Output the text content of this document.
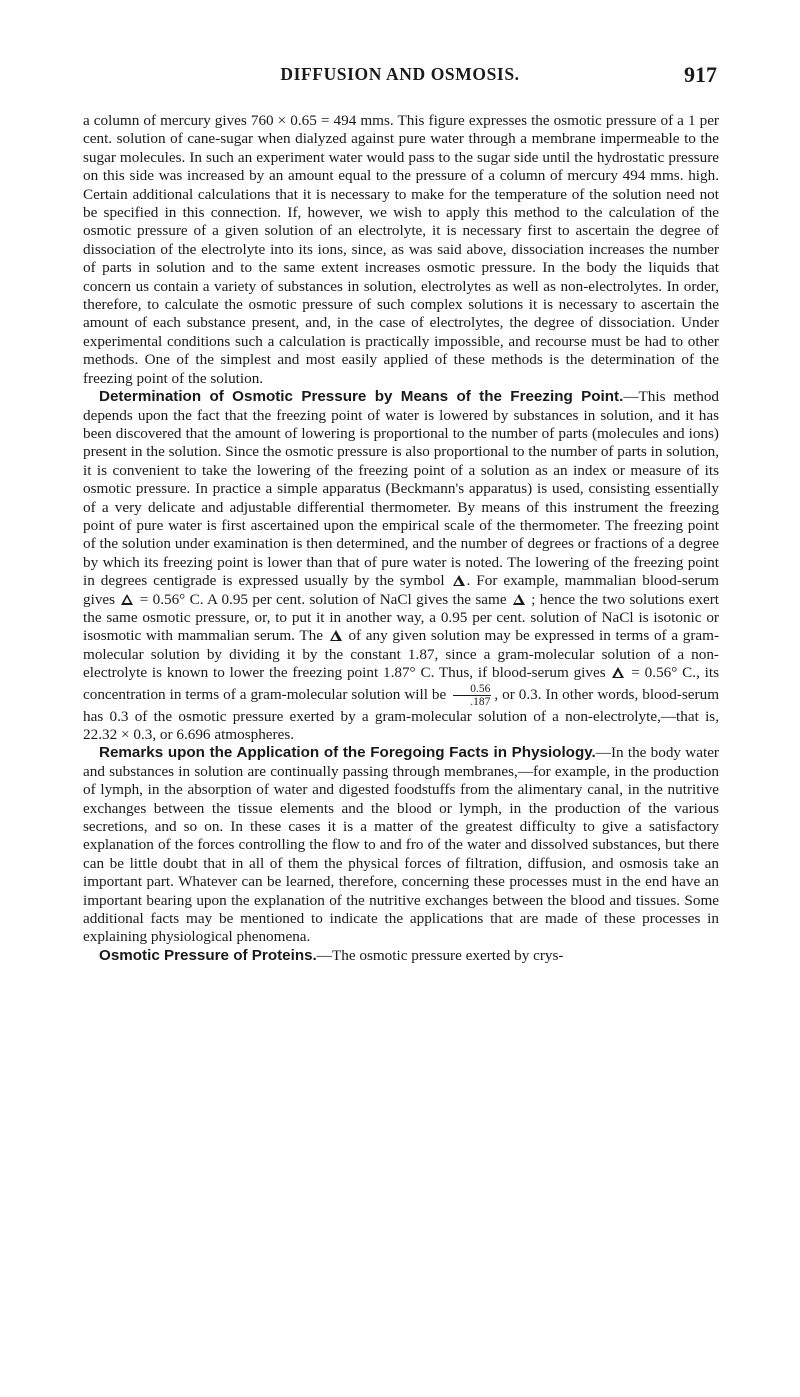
DIFFUSION AND OSMOSIS.	917

a column of mercury gives 760 × 0.65 = 494 mms. This figure expresses the osmotic pressure of a 1 per cent. solution of cane-sugar when dialyzed against pure water through a membrane impermeable to the sugar molecules. In such an experiment water would pass to the sugar side until the hydrostatic pressure on this side was increased by an amount equal to the pressure of a column of mercury 494 mms. high. Certain additional calculations that it is necessary to make for the temperature of the solution need not be specified in this connection. If, however, we wish to apply this method to the calculation of the osmotic pressure of a given solution of an electrolyte, it is necessary first to ascertain the degree of dissociation of the electrolyte into its ions, since, as was said above, dissociation increases the number of parts in solution and to the same extent increases osmotic pressure. In the body the liquids that concern us contain a variety of substances in solution, electrolytes as well as non-electrolytes. In order, therefore, to calculate the osmotic pressure of such complex solutions it is necessary to ascertain the amount of each substance present, and, in the case of electrolytes, the degree of dissociation. Under experimental conditions such a calculation is practically impossible, and recourse must be had to other methods. One of the simplest and most easily applied of these methods is the determination of the freezing point of the solution.

Determination of Osmotic Pressure by Means of the Freezing Point.—This method depends upon the fact that the freezing point of water is lowered by substances in solution, and it has been discovered that the amount of lowering is proportional to the number of parts (molecules and ions) present in the solution. Since the osmotic pressure is also proportional to the number of parts in solution, it is convenient to take the lowering of the freezing point of a solution as an index or measure of its osmotic pressure. In practice a simple apparatus (Beckmann's apparatus) is used, consisting essentially of a very delicate and adjustable differential thermometer. By means of this instrument the freezing point of pure water is first ascertained upon the empirical scale of the thermometer. The freezing point of the solution under examination is then determined, and the number of degrees or fractions of a degree by which its freezing point is lower than that of pure water is noted. The lowering of the freezing point in degrees centigrade is expressed usually by the symbol . For example, mammalian blood-serum gives = 0.56° C. A 0.95 per cent. solution of NaCl gives the same ; hence the two solutions exert the same osmotic pressure, or, to put it in another way, a 0.95 per cent. solution of NaCl is isotonic or isosmotic with mammalian serum. The of any given solution may be expressed in terms of a gram-molecular solution by dividing it by the constant 1.87, since a gram-molecular solution of a non-electrolyte is known to lower the freezing point 1.87° C. Thus, if blood-serum gives = 0.56° C., its concentration in terms of a gram-molecular solution will be $\frac{0.56}{.187}$ , or 0.3. In other words, blood-serum has 0.3 of the osmotic pressure exerted by a gram-molecular solution of a non-electrolyte,—that is, 22.32 × 0.3, or 6.696 atmospheres.

Remarks upon the Application of the Foregoing Facts in Physiology.—In the body water and substances in solution are continually passing through membranes,—for example, in the production of lymph, in the absorption of water and digested foodstuffs from the alimentary canal, in the nutritive exchanges between the tissue elements and the blood or lymph, in the production of the various secretions, and so on. In these cases it is a matter of the greatest difficulty to give a satisfactory explanation of the forces controlling the flow to and fro of the water and dissolved substances, but there can be little doubt that in all of them the physical forces of filtration, diffusion, and osmosis take an important part. Whatever can be learned, therefore, concerning these processes must in the end have an important bearing upon the explanation of the nutritive exchanges between the blood and tissues. Some additional facts may be mentioned to indicate the applications that are made of these processes in explaining physiological phenomena.

Osmotic Pressure of Proteins.—The osmotic pressure exerted by crys-
